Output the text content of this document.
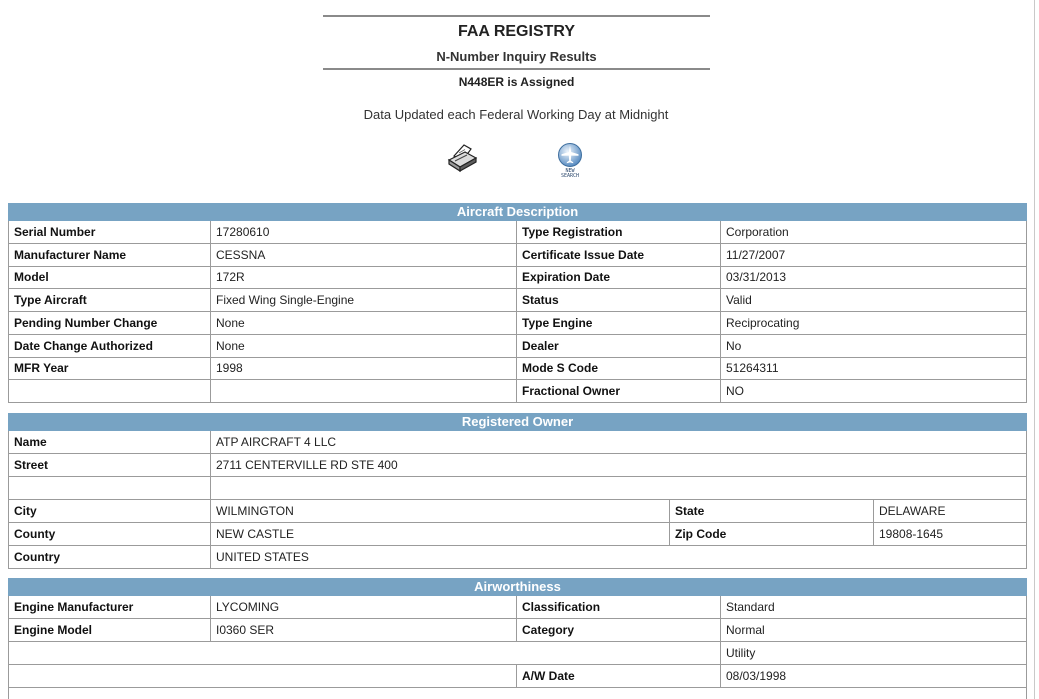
FAA REGISTRY
N-Number Inquiry Results
N448ER is Assigned
Data Updated each Federal Working Day at Midnight
NEW SEARCH
Aircraft Description			
Serial Number	17280610	Type Registration	Corporation
Manufacturer Name	CESSNA	Certificate Issue Date	11/27/2007
Model	172R	Expiration Date	03/31/2013
Type Aircraft	Fixed Wing Single-Engine	Status	Valid
Pending Number Change	None	Type Engine	Reciprocating
Date Change Authorized	None	Dealer	No
MFR Year	1998	Mode S Code	51264311
		Fractional Owner	NO
Registered Owner			
Name	ATP AIRCRAFT 4 LLC		
Street	2711 CENTERVILLE RD STE 400		

City	WILMINGTON	State	DELAWARE
County	NEW CASTLE	Zip Code	19808-1645
Country	UNITED STATES		
Airworthiness			
Engine Manufacturer	LYCOMING	Classification	Standard
Engine Model	I0360 SER	Category	Normal
			Utility
		A/W Date	08/03/1998
